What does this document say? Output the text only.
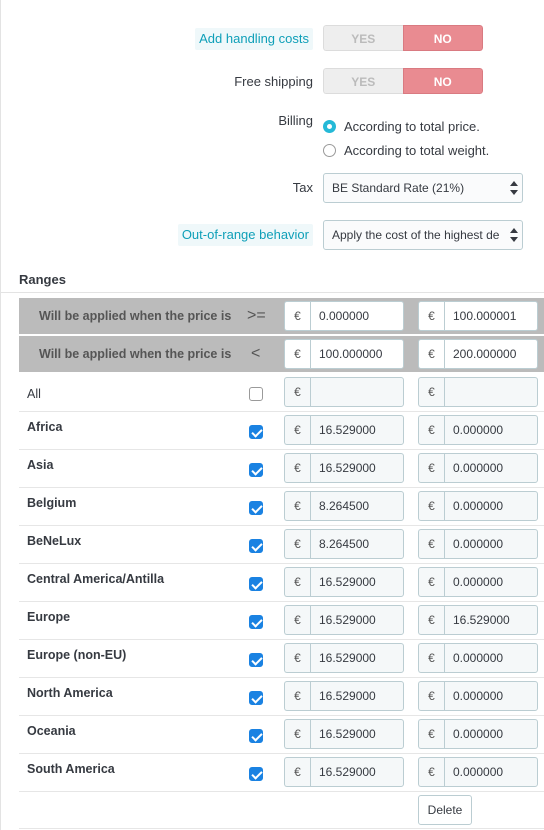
Add handling costs	YES	NO
Free shipping	YES	NO
Billing According to total price.
According to total weight.
Tax	BE Standard Rate (21%)
Out-of-range behavior	Apply the cost of the highest de
Ranges
Will be applied when the price is >=	€	0.000000	€	100.000001
Will be applied when the price is <	€	100.000000	€	200.000000
All	€	€
Africa	€	16.529000	€	0.000000
Asia	€	16.529000	€	0.000000
Belgium	€	8.264500	€	0.000000
BeNeLux	€	8.264500	€	0.000000
Central America/Antilla	€	16.529000	€	0.000000
Europe	€	16.529000	€	16.529000
Europe (non-EU)	€	16.529000	€	0.000000
North America	€	16.529000	€	0.000000
Oceania	€	16.529000	€	0.000000
South America	€	16.529000	€	0.000000
Delete
